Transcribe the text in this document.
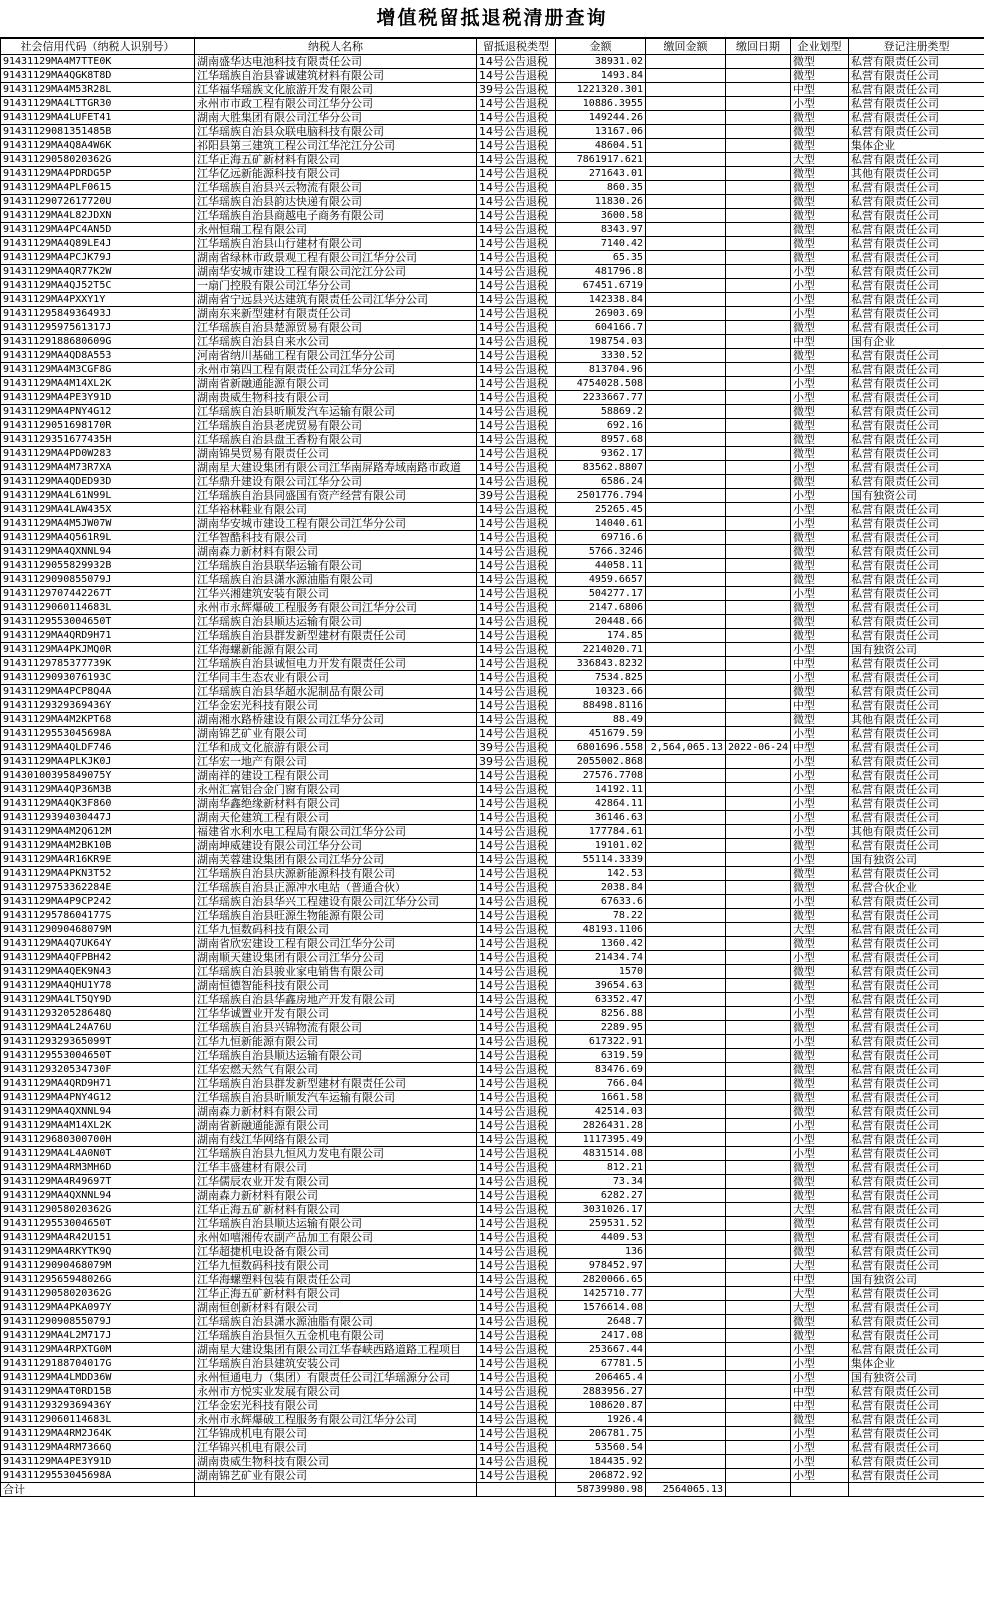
增值税留抵退税清册查询
社会信用代码（纳税人识别号）	纳税人名称	留抵退税类型	金额	缴回金额	缴回日期	企业划型	登记注册类型
91431129MA4M7TTE0K	湖南盛华达电池科技有限责任公司	14号公告退税	38931.02			微型	私营有限责任公司
91431129MA4QGK8T8D	江华瑶族自治县睿诚建筑材料有限公司	14号公告退税	1493.84			微型	私营有限责任公司
91431129MA4M53R28L	江华福华瑶族文化旅游开发有限公司	39号公告退税	1221320.301			中型	私营有限责任公司
91431129MA4LTTGR30	永州市市政工程有限公司江华分公司	14号公告退税	10886.3955			小型	私营有限责任公司
91431129MA4LUFET41	湖南大胜集团有限公司江华分公司	14号公告退税	149244.26			微型	私营有限责任公司
91431129081351485B	江华瑶族自治县众联电脑科技有限公司	14号公告退税	13167.06			微型	私营有限责任公司
91431129MA4Q8A4W6K	祁阳县第三建筑工程公司江华沱江分公司	14号公告退税	48604.51			微型	集体企业
91431129058020362G	江华正海五矿新材料有限公司	14号公告退税	7861917.621			大型	私营有限责任公司
91431129MA4PDRDG5P	江华亿远新能源科技有限公司	14号公告退税	271643.01			微型	其他有限责任公司
91431129MA4PLF0615	江华瑶族自治县兴云物流有限公司	14号公告退税	860.35			微型	私营有限责任公司
91431129072617720U	江华瑶族自治县韵达快递有限公司	14号公告退税	11830.26			微型	私营有限责任公司
91431129MA4L82JDXN	江华瑶族自治县商越电子商务有限公司	14号公告退税	3600.58			微型	私营有限责任公司
91431129MA4PC4AN5D	永州恒瑞工程有限公司	14号公告退税	8343.97			微型	私营有限责任公司
91431129MA4Q89LE4J	江华瑶族自治县山行建材有限公司	14号公告退税	7140.42			微型	私营有限责任公司
91431129MA4PCJK79J	湖南省绿林市政景观工程有限公司江华分公司	14号公告退税	65.35			微型	私营有限责任公司
91431129MA4QR77K2W	湖南华安城市建设工程有限公司沱江分公司	14号公告退税	481796.8			小型	私营有限责任公司
91431129MA4QJ52T5C	一扇门控股有限公司江华分公司	14号公告退税	67451.6719			小型	私营有限责任公司
91431129MA4PXXY1Y	湖南省宁远县兴达建筑有限责任公司江华分公司	14号公告退税	142338.84			小型	私营有限责任公司
91431129584936493J	湖南东来新型建材有限责任公司	14号公告退税	26903.69			小型	私营有限责任公司
91431129597561317J	江华瑶族自治县楚源贸易有限公司	14号公告退税	604166.7			微型	私营有限责任公司
91431129188680609G	江华瑶族自治县自来水公司	14号公告退税	198754.03			中型	国有企业
91431129MA4QD8A553	河南省纳川基础工程有限公司江华分公司	14号公告退税	3330.52			微型	私营有限责任公司
91431129MA4M3CGF8G	永州市第四工程有限责任公司江华分公司	14号公告退税	813704.96			小型	私营有限责任公司
91431129MA4M14XL2K	湖南省新融通能源有限公司	14号公告退税	4754028.508			小型	私营有限责任公司
91431129MA4PE3Y91D	湖南贵威生物科技有限公司	14号公告退税	2233667.77			小型	私营有限责任公司
91431129MA4PNY4G12	江华瑶族自治县昕顺发汽车运输有限公司	14号公告退税	58869.2			微型	私营有限责任公司
91431129051698170R	江华瑶族自治县老虎贸易有限公司	14号公告退税	692.16			微型	私营有限责任公司
91431129351677435H	江华瑶族自治县盘王香粉有限公司	14号公告退税	8957.68			微型	私营有限责任公司
91431129MA4PD0W283	湖南锦昊贸易有限责任公司	14号公告退税	9362.17			微型	私营有限责任公司
91431129MA4M73R7XA	湖南星大建设集团有限公司江华南屏路寿域南路市政道	14号公告退税	83562.8807			小型	私营有限责任公司
91431129MA4QDED93D	江华鼎升建设有限公司江华分公司	14号公告退税	6586.24			微型	私营有限责任公司
91431129MA4L61N99L	江华瑶族自治县同盛国有资产经营有限公司	39号公告退税	2501776.794			小型	国有独资公司
91431129MA4LAW435X	江华裕林鞋业有限公司	14号公告退税	25265.45			小型	私营有限责任公司
91431129MA4M5JW07W	湖南华安城市建设工程有限公司江华分公司	14号公告退税	14040.61			小型	私营有限责任公司
91431129MA4Q561R9L	江华智酷科技有限公司	14号公告退税	69716.6			微型	私营有限责任公司
91431129MA4QXNNL94	湖南森力新材料有限公司	14号公告退税	5766.3246			微型	私营有限责任公司
91431129055829932B	江华瑶族自治县联华运输有限公司	14号公告退税	44058.11			微型	私营有限责任公司
91431129090855079J	江华瑶族自治县潇水源油脂有限公司	14号公告退税	4959.6657			微型	私营有限责任公司
91431129707442267T	江华兴湘建筑安装有限公司	14号公告退税	504277.17			小型	私营有限责任公司
91431129060114683L	永州市永辉爆破工程服务有限公司江华分公司	14号公告退税	2147.6806			微型	私营有限责任公司
91431129553004650T	江华瑶族自治县顺达运输有限公司	14号公告退税	20448.66			微型	私营有限责任公司
91431129MA4QRD9H71	江华瑶族自治县群发新型建材有限责任公司	14号公告退税	174.85			微型	私营有限责任公司
91431129MA4PKJMQ0R	江华海螺新能源有限公司	14号公告退税	2214020.71			小型	国有独资公司
91431129785377739K	江华瑶族自治县诚恒电力开发有限责任公司	14号公告退税	336843.8232			中型	私营有限责任公司
91431129093076193C	江华同丰生态农业有限公司	14号公告退税	7534.825			小型	私营有限责任公司
91431129MA4PCP8Q4A	江华瑶族自治县华超水泥制品有限公司	14号公告退税	10323.66			微型	私营有限责任公司
91431129329369436Y	江华金宏光科技有限公司	14号公告退税	88498.8116			中型	私营有限责任公司
91431129MA4M2KPT68	湖南湘水路桥建设有限公司江华分公司	14号公告退税	88.49			微型	其他有限责任公司
91431129553045698A	湖南锦艺矿业有限公司	14号公告退税	451679.59			小型	私营有限责任公司
91431129MA4QLDF746	江华和成文化旅游有限公司	39号公告退税	6801696.558	2,564,065.13	2022-06-24	中型	私营有限责任公司
91431129MA4PLKJK0J	江华宏一地产有限公司	39号公告退税	2055002.868			小型	私营有限责任公司
91430100395849075Y	湖南祥的建设工程有限公司	14号公告退税	27576.7708			小型	私营有限责任公司
91431129MA4QP36M3B	永州汇富铝合金门窗有限公司	14号公告退税	14192.11			小型	私营有限责任公司
91431129MA4QK3F860	湖南华鑫绝缘新材料有限公司	14号公告退税	42864.11			小型	私营有限责任公司
91431129394030447J	湖南天伦建筑工程有限公司	14号公告退税	36146.63			小型	私营有限责任公司
91431129MA4M2Q612M	福建省水利水电工程局有限公司江华分公司	14号公告退税	177784.61			小型	其他有限责任公司
91431129MA4M2BK10B	湖南坤威建设有限公司江华分公司	14号公告退税	19101.02			微型	私营有限责任公司
91431129MA4R16KR9E	湖南芙蓉建设集团有限公司江华分公司	14号公告退税	55114.3339			小型	国有独资公司
91431129MA4PKN3T52	江华瑶族自治县庆源新能源科技有限公司	14号公告退税	142.53			微型	私营有限责任公司
91431129753362284E	江华瑶族自治县正源冲水电站（普通合伙）	14号公告退税	2038.84			微型	私营合伙企业
91431129MA4P9CP242	江华瑶族自治县华兴工程建设有限公司江华分公司	14号公告退税	67633.6			小型	私营有限责任公司
91431129578604177S	江华瑶族自治县旺源生物能源有限公司	14号公告退税	78.22			微型	私营有限责任公司
91431129090468079M	江华九恒数码科技有限公司	14号公告退税	48193.1106			大型	私营有限责任公司
91431129MA4Q7UK64Y	湖南省欣宏建设工程有限公司江华分公司	14号公告退税	1360.42			微型	私营有限责任公司
91431129MA4QFPBH42	湖南顺天建设集团有限公司江华分公司	14号公告退税	21434.74			小型	私营有限责任公司
91431129MA4QEK9N43	江华瑶族自治县骏业家电销售有限公司	14号公告退税	1570			微型	私营有限责任公司
91431129MA4QHU1Y78	湖南恒德智能科技有限公司	14号公告退税	39654.63			微型	私营有限责任公司
91431129MA4LT5QY9D	江华瑶族自治县华鑫房地产开发有限公司	14号公告退税	63352.47			小型	私营有限责任公司
91431129320528648Q	江华华诚置业开发有限公司	14号公告退税	8256.88			小型	私营有限责任公司
91431129MA4L24A76U	江华瑶族自治县兴锦物流有限公司	14号公告退税	2289.95			微型	私营有限责任公司
91431129329365099T	江华九恒新能源有限公司	14号公告退税	617322.91			小型	私营有限责任公司
91431129553004650T	江华瑶族自治县顺达运输有限公司	14号公告退税	6319.59			微型	私营有限责任公司
91431129320534730F	江华宏燃天然气有限公司	14号公告退税	83476.69			微型	私营有限责任公司
91431129MA4QRD9H71	江华瑶族自治县群发新型建材有限责任公司	14号公告退税	766.04			微型	私营有限责任公司
91431129MA4PNY4G12	江华瑶族自治县昕顺发汽车运输有限公司	14号公告退税	1661.58			微型	私营有限责任公司
91431129MA4QXNNL94	湖南森力新材料有限公司	14号公告退税	42514.03			微型	私营有限责任公司
91431129MA4M14XL2K	湖南省新融通能源有限公司	14号公告退税	2826431.28			小型	私营有限责任公司
91431129680300700H	湖南有线江华网络有限公司	14号公告退税	1117395.49			小型	私营有限责任公司
91431129MA4L4A0N0T	江华瑶族自治县九恒风力发电有限公司	14号公告退税	4831514.08			小型	私营有限责任公司
91431129MA4RM3MH6D	江华丰盛建材有限公司	14号公告退税	812.21			微型	私营有限责任公司
91431129MA4R49697T	江华儒辰农业开发有限公司	14号公告退税	73.34			微型	私营有限责任公司
91431129MA4QXNNL94	湖南森力新材料有限公司	14号公告退税	6282.27			微型	私营有限责任公司
91431129058020362G	江华正海五矿新材料有限公司	14号公告退税	3031026.17			大型	私营有限责任公司
91431129553004650T	江华瑶族自治县顺达运输有限公司	14号公告退税	259531.52			微型	私营有限责任公司
91431129MA4R42U151	永州如嘻湘传农副产品加工有限公司	14号公告退税	4409.53			微型	私营有限责任公司
91431129MA4RKYTK9Q	江华超捷机电设备有限公司	14号公告退税	136			微型	私营有限责任公司
91431129090468079M	江华九恒数码科技有限公司	14号公告退税	978452.97			大型	私营有限责任公司
91431129565948026G	江华海螺塑料包装有限责任公司	14号公告退税	2820066.65			中型	国有独资公司
91431129058020362G	江华正海五矿新材料有限公司	14号公告退税	1425710.77			大型	私营有限责任公司
91431129MA4PKA097Y	湖南恒创新材料有限公司	14号公告退税	1576614.08			大型	私营有限责任公司
91431129090855079J	江华瑶族自治县潇水源油脂有限公司	14号公告退税	2648.7			微型	私营有限责任公司
91431129MA4L2M717J	江华瑶族自治县恒久五金机电有限公司	14号公告退税	2417.08			微型	私营有限责任公司
91431129MA4RPXTG0M	湖南星大建设集团有限公司江华春峡西路道路工程项目	14号公告退税	253667.44			小型	私营有限责任公司
91431129188704017G	江华瑶族自治县建筑安装公司	14号公告退税	67781.5			小型	集体企业
91431129MA4LMDD36W	永州恒通电力（集团）有限责任公司江华瑶源分公司	14号公告退税	206465.4			小型	国有独资公司
91431129MA4T0RD15B	永州市方悦实业发展有限公司	14号公告退税	2883956.27			中型	私营有限责任公司
91431129329369436Y	江华金宏光科技有限公司	14号公告退税	108620.87			中型	私营有限责任公司
91431129060114683L	永州市永辉爆破工程服务有限公司江华分公司	14号公告退税	1926.4			微型	私营有限责任公司
91431129MA4RM2J64K	江华锦成机电有限公司	14号公告退税	206781.75			小型	私营有限责任公司
91431129MA4RM7366Q	江华锦兴机电有限公司	14号公告退税	53560.54			小型	私营有限责任公司
91431129MA4PE3Y91D	湖南贵威生物科技有限公司	14号公告退税	184435.92			小型	私营有限责任公司
91431129553045698A	湖南锦艺矿业有限公司	14号公告退税	206872.92			小型	私营有限责任公司
合计			58739980.98	2564065.13			
